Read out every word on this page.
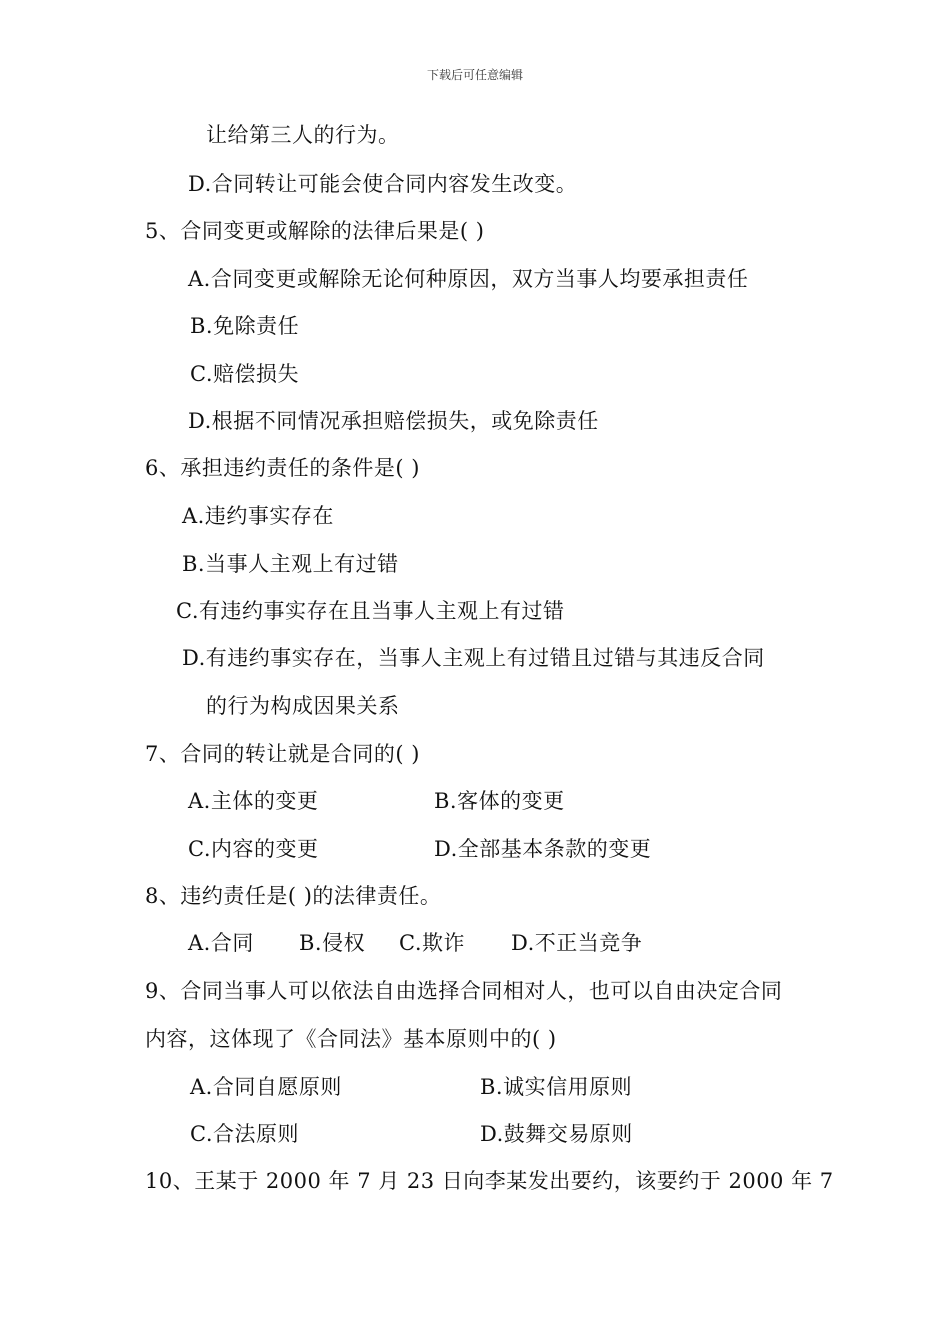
下载后可任意编辑
让给第三人的行为。
D.合同转让可能会使合同内容发生改变。
5、合同变更或解除的法律后果是( )
A.合同变更或解除无论何种原因，双方当事人均要承担责任
B.免除责任
C.赔偿损失
D.根据不同情况承担赔偿损失，或免除责任
6、承担违约责任的条件是( )
A.违约事实存在
B.当事人主观上有过错
C.有违约事实存在且当事人主观上有过错
D.有违约事实存在，当事人主观上有过错且过错与其违反合同
的行为构成因果关系
7、合同的转让就是合同的( )
A.主体的变更	B.客体的变更
C.内容的变更	D.全部基本条款的变更
8、违约责任是( )的法律责任。
A.合同 B.侵权 C.欺诈 D.不正当竞争
9、合同当事人可以依法自由选择合同相对人，也可以自由决定合同
内容，这体现了《合同法》基本原则中的( )
A.合同自愿原则	B.诚实信用原则
C.合法原则	D.鼓舞交易原则
10、王某于 2000 年 7 月 23 日向李某发出要约，该要约于 2000 年 7
